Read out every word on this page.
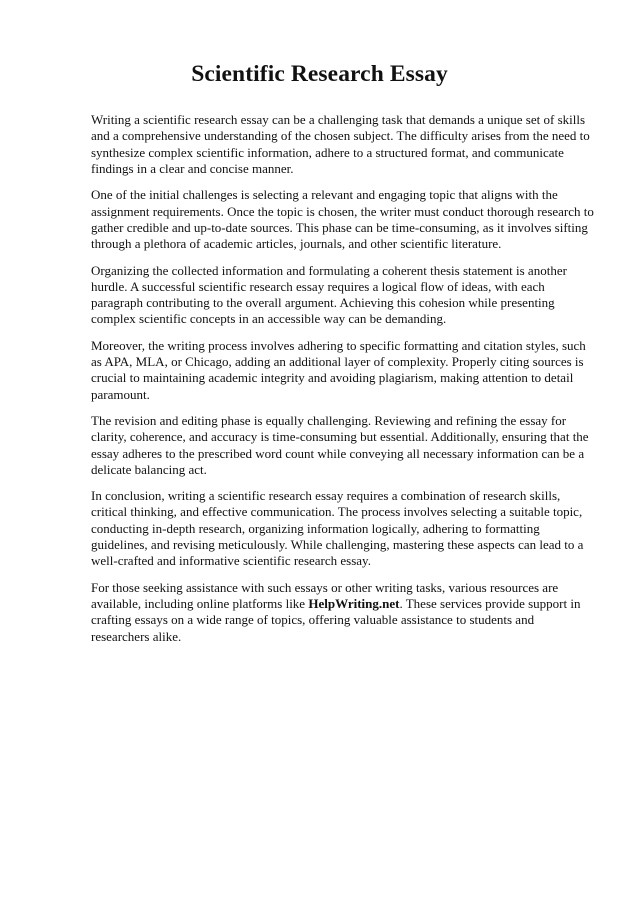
Scientific Research Essay

Writing a scientific research essay can be a challenging task that demands a unique set of skills and a comprehensive understanding of the chosen subject. The difficulty arises from the need to synthesize complex scientific information, adhere to a structured format, and communicate findings in a clear and concise manner.

One of the initial challenges is selecting a relevant and engaging topic that aligns with the assignment requirements. Once the topic is chosen, the writer must conduct thorough research to gather credible and up-to-date sources. This phase can be time-consuming, as it involves sifting through a plethora of academic articles, journals, and other scientific literature.

Organizing the collected information and formulating a coherent thesis statement is another hurdle. A successful scientific research essay requires a logical flow of ideas, with each paragraph contributing to the overall argument. Achieving this cohesion while presenting complex scientific concepts in an accessible way can be demanding.

Moreover, the writing process involves adhering to specific formatting and citation styles, such as APA, MLA, or Chicago, adding an additional layer of complexity. Properly citing sources is crucial to maintaining academic integrity and avoiding plagiarism, making attention to detail paramount.

The revision and editing phase is equally challenging. Reviewing and refining the essay for clarity, coherence, and accuracy is time-consuming but essential. Additionally, ensuring that the essay adheres to the prescribed word count while conveying all necessary information can be a delicate balancing act.

In conclusion, writing a scientific research essay requires a combination of research skills, critical thinking, and effective communication. The process involves selecting a suitable topic, conducting in-depth research, organizing information logically, adhering to formatting guidelines, and revising meticulously. While challenging, mastering these aspects can lead to a well-crafted and informative scientific research essay.

For those seeking assistance with such essays or other writing tasks, various resources are available, including online platforms like HelpWriting.net. These services provide support in crafting essays on a wide range of topics, offering valuable assistance to students and researchers alike.
